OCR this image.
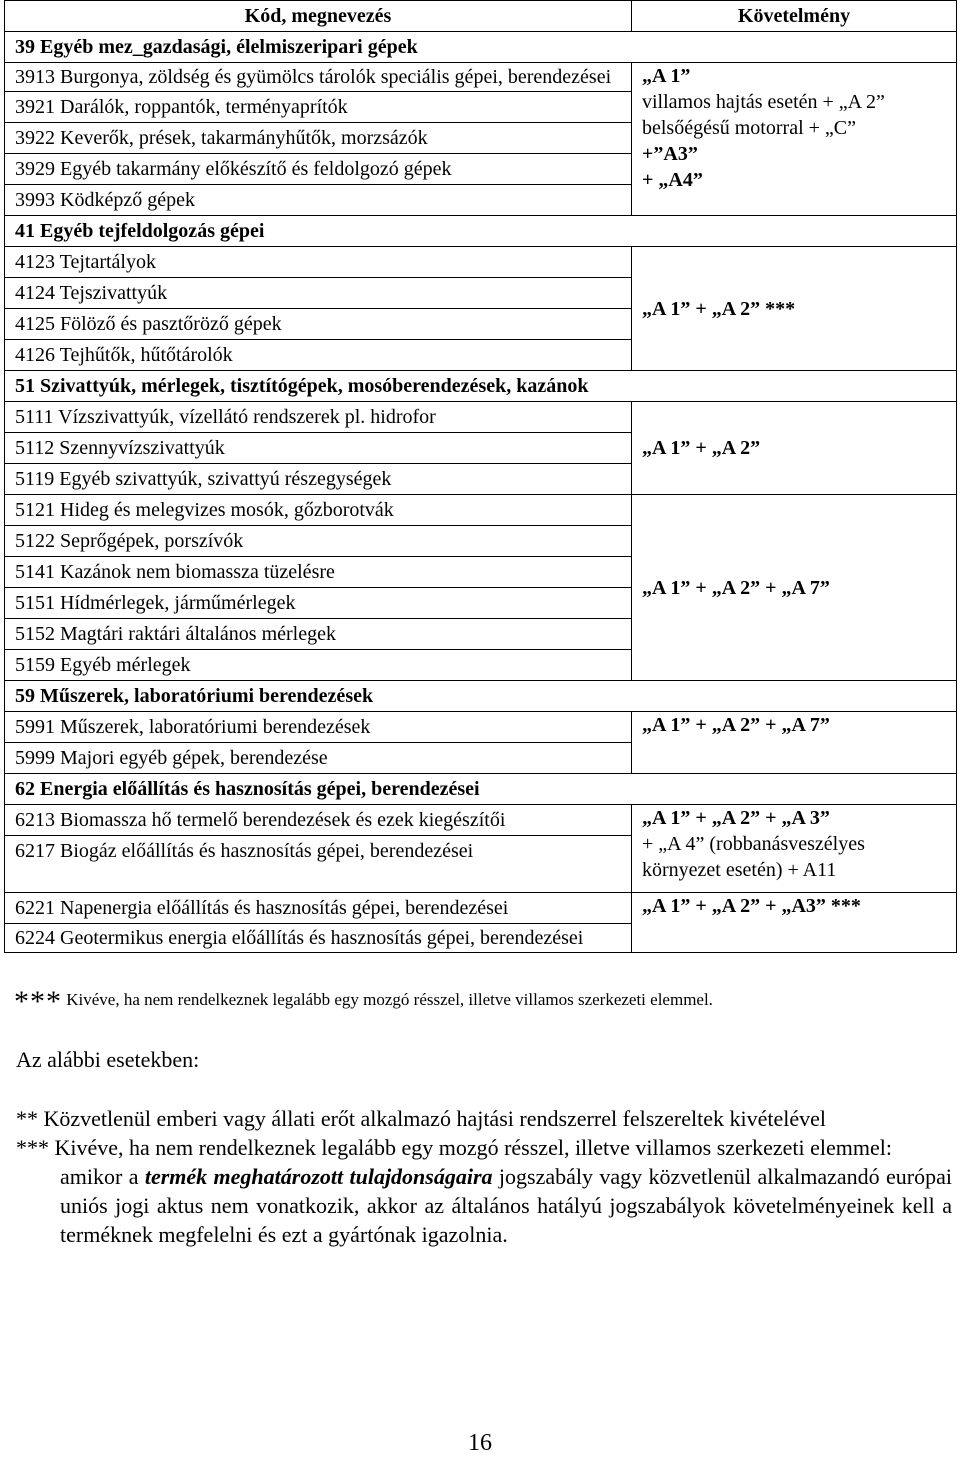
Kód, megnevezés	Követelmény
39 Egyéb mez_gazdasági, élelmiszeripari gépek	
3913 Burgonya, zöldség és gyümölcs tárolók speciális gépei, berendezései	„A 1”
villamos hajtás esetén + „A 2”
belsőégésű motorral + „C”
+”A3”
+ „A4”

3921 Darálók, roppantók, terményaprítók	
3922 Keverők, prések, takarmányhűtők, morzsázók	
3929 Egyéb takarmány előkészítő és feldolgozó gépek	
3993 Ködképző gépek	
41 Egyéb tejfeldolgozás gépei	
4123 Tejtartályok	„A 1” + „A 2” ***

4124 Tejszivattyúk	
4125 Fölöző és pasztőröző gépek	
4126 Tejhűtők, hűtőtárolók	
51 Szivattyúk, mérlegek, tisztítógépek, mosóberendezések, kazánok	
5111 Vízszivattyúk, vízellátó rendszerek pl. hidrofor	„A 1” + „A 2”

5112 Szennyvízszivattyúk	
5119 Egyéb szivattyúk, szivattyú részegységek	
5121 Hideg és melegvizes mosók, gőzborotvák	„A 1” + „A 2” + „A 7”

5122 Seprőgépek, porszívók	
5141 Kazánok nem biomassza tüzelésre	
5151 Hídmérlegek, járműmérlegek	
5152 Magtári raktári általános mérlegek	
5159 Egyéb mérlegek	
59 Műszerek, laboratóriumi berendezések	
5991 Műszerek, laboratóriumi berendezések	„A 1” + „A 2” + „A 7”

5999 Majori egyéb gépek, berendezése	
62 Energia előállítás és hasznosítás gépei, berendezései	
6213 Biomassza hő termelő berendezések és ezek kiegészítői	„A 1” + „A 2” + „A 3”
+ „A 4” (robbanásveszélyes
környezet esetén) + A11

6217 Biogáz előállítás és hasznosítás gépei, berendezései	
6221 Napenergia előállítás és hasznosítás gépei, berendezései	„A 1” + „A 2” + „A3” ***

6224 Geotermikus energia előállítás és hasznosítás gépei, berendezései	
*** Kivéve, ha nem rendelkeznek legalább egy mozgó résszel, illetve villamos szerkezeti elemmel.
Az alábbi esetekben:
** Közvetlenül emberi vagy állati erőt alkalmazó hajtási rendszerrel felszereltek kivételével
*** Kivéve, ha nem rendelkeznek legalább egy mozgó résszel, illetve villamos szerkezeti elemmel:
amikor a termék meghatározott tulajdonságaira jogszabály vagy közvetlenül alkalmazandó európai uniós jogi aktus nem vonatkozik, akkor az általános hatályú jogszabályok követelményeinek kell a terméknek megfelelni és ezt a gyártónak igazolnia.
16
